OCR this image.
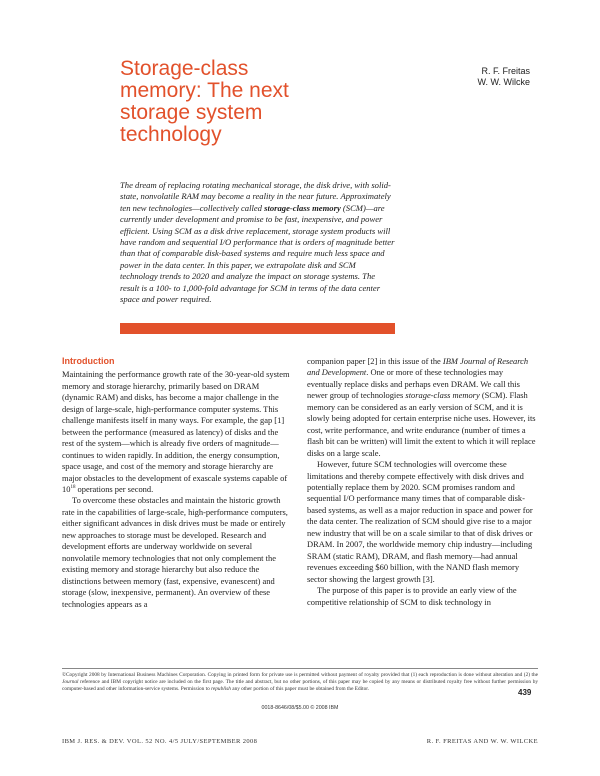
Storage-class memory: The next storage system technology
R. F. Freitas
W. W. Wilcke

The dream of replacing rotating mechanical storage, the disk drive, with solid-state, nonvolatile RAM may become a reality in the near future. Approximately ten new technologies—collectively called storage-class memory (SCM)—are currently under development and promise to be fast, inexpensive, and power efficient. Using SCM as a disk drive replacement, storage system products will have random and sequential I/O performance that is orders of magnitude better than that of comparable disk-based systems and require much less space and power in the data center. In this paper, we extrapolate disk and SCM technology trends to 2020 and analyze the impact on storage systems. The result is a 100- to 1,000-fold advantage for SCM in terms of the data center space and power required.

Introduction

Maintaining the performance growth rate of the 30-year-old system memory and storage hierarchy, primarily based on DRAM (dynamic RAM) and disks, has become a major challenge in the design of large-scale, high-performance computer systems. This challenge manifests itself in many ways. For example, the gap [1] between the performance (measured as latency) of disks and the rest of the system—which is already five orders of magnitude—continues to widen rapidly. In addition, the energy consumption, space usage, and cost of the memory and storage hierarchy are major obstacles to the development of exascale systems capable of $10^{18}$ operations per second.

To overcome these obstacles and maintain the historic growth rate in the capabilities of large-scale, high-performance computers, either significant advances in disk drives must be made or entirely new approaches to storage must be developed. Research and development efforts are underway worldwide on several nonvolatile memory technologies that not only complement the existing memory and storage hierarchy but also reduce the distinctions between memory (fast, expensive, evanescent) and storage (slow, inexpensive, permanent). An overview of these technologies appears as a

companion paper [2] in this issue of the IBM Journal of Research and Development. One or more of these technologies may eventually replace disks and perhaps even DRAM. We call this newer group of technologies storage-class memory (SCM). Flash memory can be considered as an early version of SCM, and it is slowly being adopted for certain enterprise niche uses. However, its cost, write performance, and write endurance (number of times a flash bit can be written) will limit the extent to which it will replace disks on a large scale.

However, future SCM technologies will overcome these limitations and thereby compete effectively with disk drives and potentially replace them by 2020. SCM promises random and sequential I/O performance many times that of comparable disk-based systems, as well as a major reduction in space and power for the data center. The realization of SCM should give rise to a major new industry that will be on a scale similar to that of disk drives or DRAM. In 2007, the worldwide memory chip industry—including SRAM (static RAM), DRAM, and flash memory—had annual revenues exceeding $60 billion, with the NAND flash memory sector showing the largest growth [3].

The purpose of this paper is to provide an early view of the competitive relationship of SCM to disk technology in

©Copyright 2008 by International Business Machines Corporation. Copying in printed form for private use is permitted without payment of royalty provided that (1) each reproduction is done without alteration and (2) the Journal reference and IBM copyright notice are included on the first page. The title and abstract, but no other portions, of this paper may be copied by any means or distributed royalty free without further permission by computer-based and other information-service systems. Permission to republish any other portion of this paper must be obtained from the Editor.	439
0018-8646/08/$5.00 © 2008 IBM
IBM J. RES. & DEV. VOL. 52 NO. 4/5 JULY/SEPTEMBER 2008	R. F. FREITAS AND W. W. WILCKE
